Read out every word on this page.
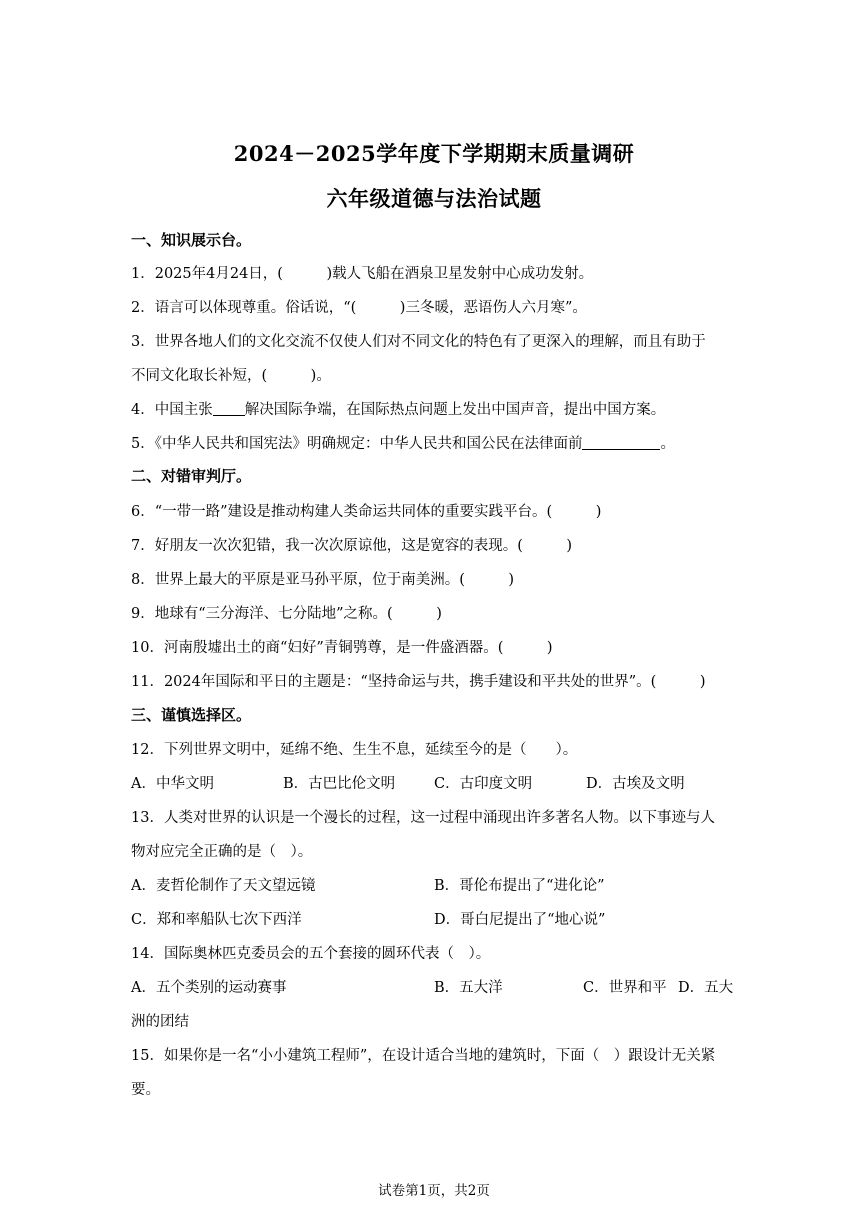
2024－2025学年度下学期期末质量调研
六年级道德与法治试题
一、知识展示台。
1．2025年4月24日，(　　　)载人飞船在酒泉卫星发射中心成功发射。
2．语言可以体现尊重。俗话说，“(　　　)三冬暖，恶语伤人六月寒”。
3．世界各地人们的文化交流不仅使人们对不同文化的特色有了更深入的理解，而且有助于
不同文化取长补短，(　　　)。
4．中国主张 解决国际争端，在国际热点问题上发出中国声音，提出中国方案。
5．《中华人民共和国宪法》明确规定：中华人民共和国公民在法律面前	。
二、对错审判厅。
6．“一带一路”建设是推动构建人类命运共同体的重要实践平台。(　　　)
7．好朋友一次次犯错，我一次次原谅他，这是宽容的表现。(　　　)
8．世界上最大的平原是亚马孙平原，位于南美洲。(　　　)
9．地球有“三分海洋、七分陆地”之称。(　　　)
10．河南殷墟出土的商“妇好”青铜鸮尊，是一件盛酒器。(　　　)
11．2024年国际和平日的主题是：“坚持命运与共，携手建设和平共处的世界”。(　　　)
三、谨慎选择区。
12．下列世界文明中，延绵不绝、生生不息，延续至今的是（　　）。
A．中华文明	B．古巴比伦文明	C．古印度文明	D．古埃及文明
13．人类对世界的认识是一个漫长的过程，这一过程中涌现出许多著名人物。以下事迹与人
物对应完全正确的是（　）。
A．麦哲伦制作了天文望远镜	B．哥伦布提出了“进化论”
C．郑和率船队七次下西洋	D．哥白尼提出了“地心说”
14．国际奥林匹克委员会的五个套接的圆环代表（　）。
A．五个类别的运动赛事	B．五大洋	C．世界和平 D．五大
洲的团结
15．如果你是一名“小小建筑工程师”，在设计适合当地的建筑时，下面（　）跟设计无关紧
要。
试卷第1页，共2页
